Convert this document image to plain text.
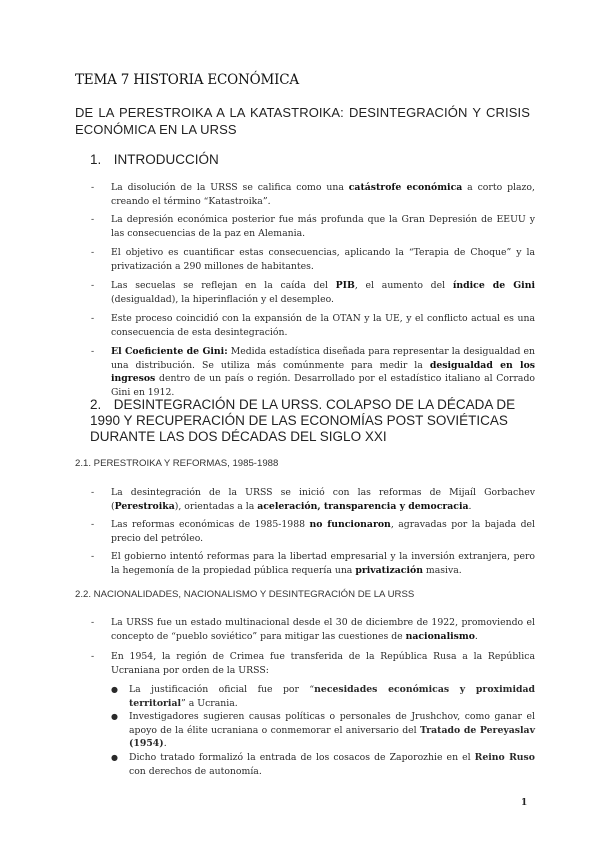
TEMA 7 HISTORIA ECONÓMICA
DE LA PERESTROIKA A LA KATASTROIKA: DESINTEGRACIÓN Y CRISIS ECONÓMICA EN LA URSS
1. INTRODUCCIÓN
- La disolución de la URSS se califica como una catástrofe económica a corto plazo, creando el término “Katastroika”.
- La depresión económica posterior fue más profunda que la Gran Depresión de EEUU y las consecuencias de la paz en Alemania.
- El objetivo es cuantificar estas consecuencias, aplicando la “Terapia de Choque” y la privatización a 290 millones de habitantes.
- Las secuelas se reflejan en la caída del PIB, el aumento del índice de Gini (desigualdad), la hiperinflación y el desempleo.
- Este proceso coincidió con la expansión de la OTAN y la UE, y el conflicto actual es una consecuencia de esta desintegración.
- El Coeficiente de Gini: Medida estadística diseñada para representar la desigualdad en una distribución. Se utiliza más comúnmente para medir la desigualdad en los ingresos dentro de un país o región. Desarrollado por el estadístico italiano al Corrado Gini en 1912.
2. DESINTEGRACIÓN DE LA URSS. COLAPSO DE LA DÉCADA DE 1990 Y RECUPERACIÓN DE LAS ECONOMÍAS POST SOVIÉTICAS DURANTE LAS DOS DÉCADAS DEL SIGLO XXI
2.1. PERESTROIKA Y REFORMAS, 1985-1988
- La desintegración de la URSS se inició con las reformas de Mijaíl Gorbachev (Perestroika), orientadas a la aceleración, transparencia y democracia.
- Las reformas económicas de 1985-1988 no funcionaron, agravadas por la bajada del precio del petróleo.
- El gobierno intentó reformas para la libertad empresarial y la inversión extranjera, pero la hegemonía de la propiedad pública requería una privatización masiva.
2.2. NACIONALIDADES, NACIONALISMO Y DESINTEGRACIÓN DE LA URSS
- La URSS fue un estado multinacional desde el 30 de diciembre de 1922, promoviendo el concepto de “pueblo soviético” para mitigar las cuestiones de nacionalismo.
- En 1954, la región de Crimea fue transferida de la República Rusa a la República Ucraniana por orden de la URSS:
● La justificación oficial fue por “necesidades económicas y proximidad territorial” a Ucrania.
● Investigadores sugieren causas políticas o personales de Jrushchov, como ganar el apoyo de la élite ucraniana o conmemorar el aniversario del Tratado de Pereyaslav (1954).
● Dicho tratado formalizó la entrada de los cosacos de Zaporozhie en el Reino Ruso con derechos de autonomía.
1
